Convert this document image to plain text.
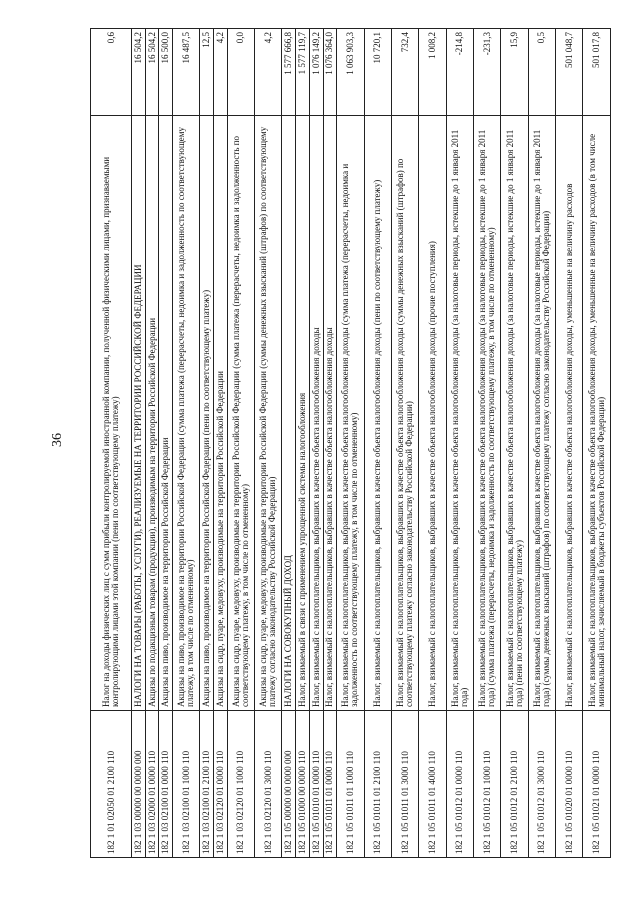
36
182 1 01 02050 01 2100 110	Налог на доходы физических лиц с сумм прибыли контролируемой иностранной компании, полученной физическими лицами, признаваемыми контролирующими лицами этой компании (пени по соответствующему платежу)	0,6
182 1 03 00000 00 0000 000	НАЛОГИ НА ТОВАРЫ (РАБОТЫ, УСЛУГИ), РЕАЛИЗУЕМЫЕ НА ТЕРРИТОРИИ РОССИЙСКОЙ ФЕДЕРАЦИИ	16 504,2
182 1 03 02000 01 0000 110	Акцизы по подакцизным товарам (продукции), производимым на территории Российской Федерации	16 504,2
182 1 03 02100 01 0000 110	Акцизы на пиво, производимое на территории Российской Федерации	16 500,0
182 1 03 02100 01 1000 110	Акцизы на пиво, производимое на территории Российской Федерации (сумма платежа (перерасчеты, недоимка и задолженность по соответствующему платежу, в том числе по отмененному)	16 487,5
182 1 03 02100 01 2100 110	Акцизы на пиво, производимое на территории Российской Федерации (пени по соответствующему платежу)	12,5
182 1 03 02120 01 0000 110	Акцизы на сидр, пуаре, медовуху, производимые на территории Российской Федерации	4,2
182 1 03 02120 01 1000 110	Акцизы на сидр, пуаре, медовуху, производимые на территории Российской Федерации (сумма платежа (перерасчеты, недоимка и задолженность по соответствующему платежу, в том числе по отмененному)	0,0
182 1 03 02120 01 3000 110	Акцизы на сидр, пуаре, медовуху, производимые на территории Российской Федерации (суммы денежных взысканий (штрафов) по соответствующему платежу согласно законодательству Российской Федерации)	4,2
182 1 05 00000 00 0000 000	НАЛОГИ НА СОВОКУПНЫЙ ДОХОД	1 577 666,8
182 1 05 01000 00 0000 110	Налог, взимаемый в связи с применением упрощенной системы налогообложения	1 577 119,7
182 1 05 01010 01 0000 110	Налог, взимаемый с налогоплательщиков, выбравших в качестве объекта налогообложения доходы	1 076 149,2
182 1 05 01011 01 0000 110	Налог, взимаемый с налогоплательщиков, выбравших в качестве объекта налогообложения доходы	1 076 364,0
182 1 05 01011 01 1000 110	Налог, взимаемый с налогоплательщиков, выбравших в качестве объекта налогообложения доходы (сумма платежа (перерасчеты, недоимка и задолженность по соответствующему платежу, в том числе по отмененному)	1 063 903,3
182 1 05 01011 01 2100 110	Налог, взимаемый с налогоплательщиков, выбравших в качестве объекта налогообложения доходы (пени по соответствующему платежу)	10 720,1
182 1 05 01011 01 3000 110	Налог, взимаемый с налогоплательщиков, выбравших в качестве объекта налогообложения доходы (суммы денежных взысканий (штрафов) по соответствующему платежу согласно законодательству Российской Федерации)	732,4
182 1 05 01011 01 4000 110	Налог, взимаемый с налогоплательщиков, выбравших в качестве объекта налогообложения доходы (прочие поступления)	1 008,2
182 1 05 01012 01 0000 110	Налог, взимаемый с налогоплательщиков, выбравших в качестве объекта налогообложения доходы (за налоговые периоды, истекшие до 1 января 2011 года)	-214,8
182 1 05 01012 01 1000 110	Налог, взимаемый с налогоплательщиков, выбравших в качестве объекта налогообложения доходы (за налоговые периоды, истекшие до 1 января 2011 года) (сумма платежа (перерасчеты, недоимка и задолженность по соответствующему платежу, в том числе по отмененному)	-231,3
182 1 05 01012 01 2100 110	Налог, взимаемый с налогоплательщиков, выбравших в качестве объекта налогообложения доходы (за налоговые периоды, истекшие до 1 января 2011 года) (пени по соответствующему платежу)	15,9
182 1 05 01012 01 3000 110	Налог, взимаемый с налогоплательщиков, выбравших в качестве объекта налогообложения доходы (за налоговые периоды, истекшие до 1 января 2011 года) (суммы денежных взысканий (штрафов) по соответствующему платежу согласно законодательству Российской Федерации)	0,5
182 1 05 01020 01 0000 110	Налог, взимаемый с налогоплательщиков, выбравших в качестве объекта налогообложения доходы, уменьшенные на величину расходов	501 048,7
182 1 05 01021 01 0000 110	Налог, взимаемый с налогоплательщиков, выбравших в качестве объекта налогообложения доходы, уменьшенные на величину расходов (в том числе минимальный налог, зачисляемый в бюджеты субъектов Российской Федерации)	501 017,8
